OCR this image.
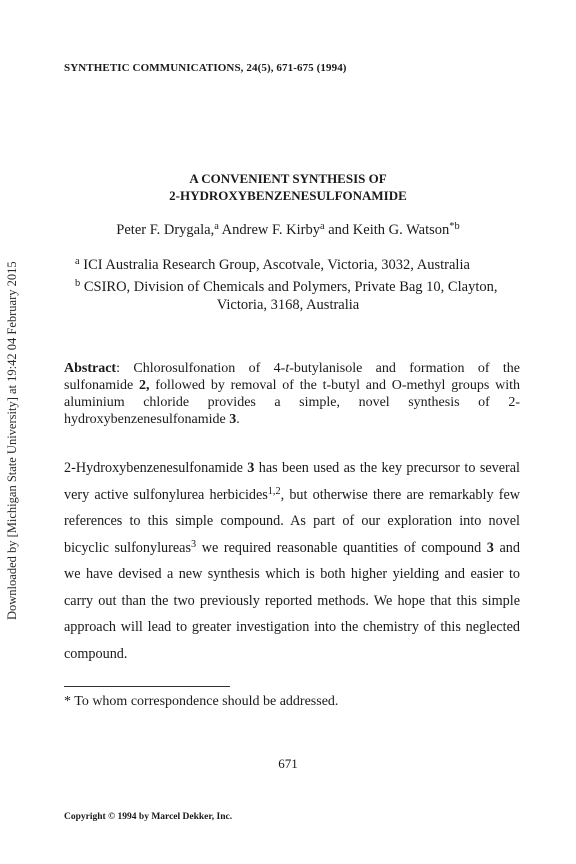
SYNTHETIC COMMUNICATIONS, 24(5), 671-675 (1994)
A CONVENIENT SYNTHESIS OF
2-HYDROXYBENZENESULFONAMIDE
Peter F. Drygala,$^a$ Andrew F. Kirby$^a$ and Keith G. Watson$^{*b}$
$^a$ ICI Australia Research Group, Ascotvale, Victoria, 3032, Australia
$^b$ CSIRO, Division of Chemicals and Polymers, Private Bag 10, Clayton,
Victoria, 3168, Australia
Abstract: Chlorosulfonation of 4-t-butylanisole and formation of the sulfonamide 2, followed by removal of the t-butyl and O-methyl groups with aluminium chloride provides a simple, novel synthesis of 2-hydroxybenzenesulfonamide 3.
2-Hydroxybenzenesulfonamide 3 has been used as the key precursor to several very active sulfonylurea herbicides$^{1,2}$, but otherwise there are remarkably few references to this simple compound. As part of our exploration into novel bicyclic sulfonylureas$^3$ we required reasonable quantities of compound 3 and we have devised a new synthesis which is both higher yielding and easier to carry out than the two previously reported methods. We hope that this simple approach will lead to greater investigation into the chemistry of this neglected compound.
* To whom correspondence should be addressed.
671
Copyright © 1994 by Marcel Dekker, Inc.
Downloaded by [Michigan State University] at 19:42 04 February 2015
